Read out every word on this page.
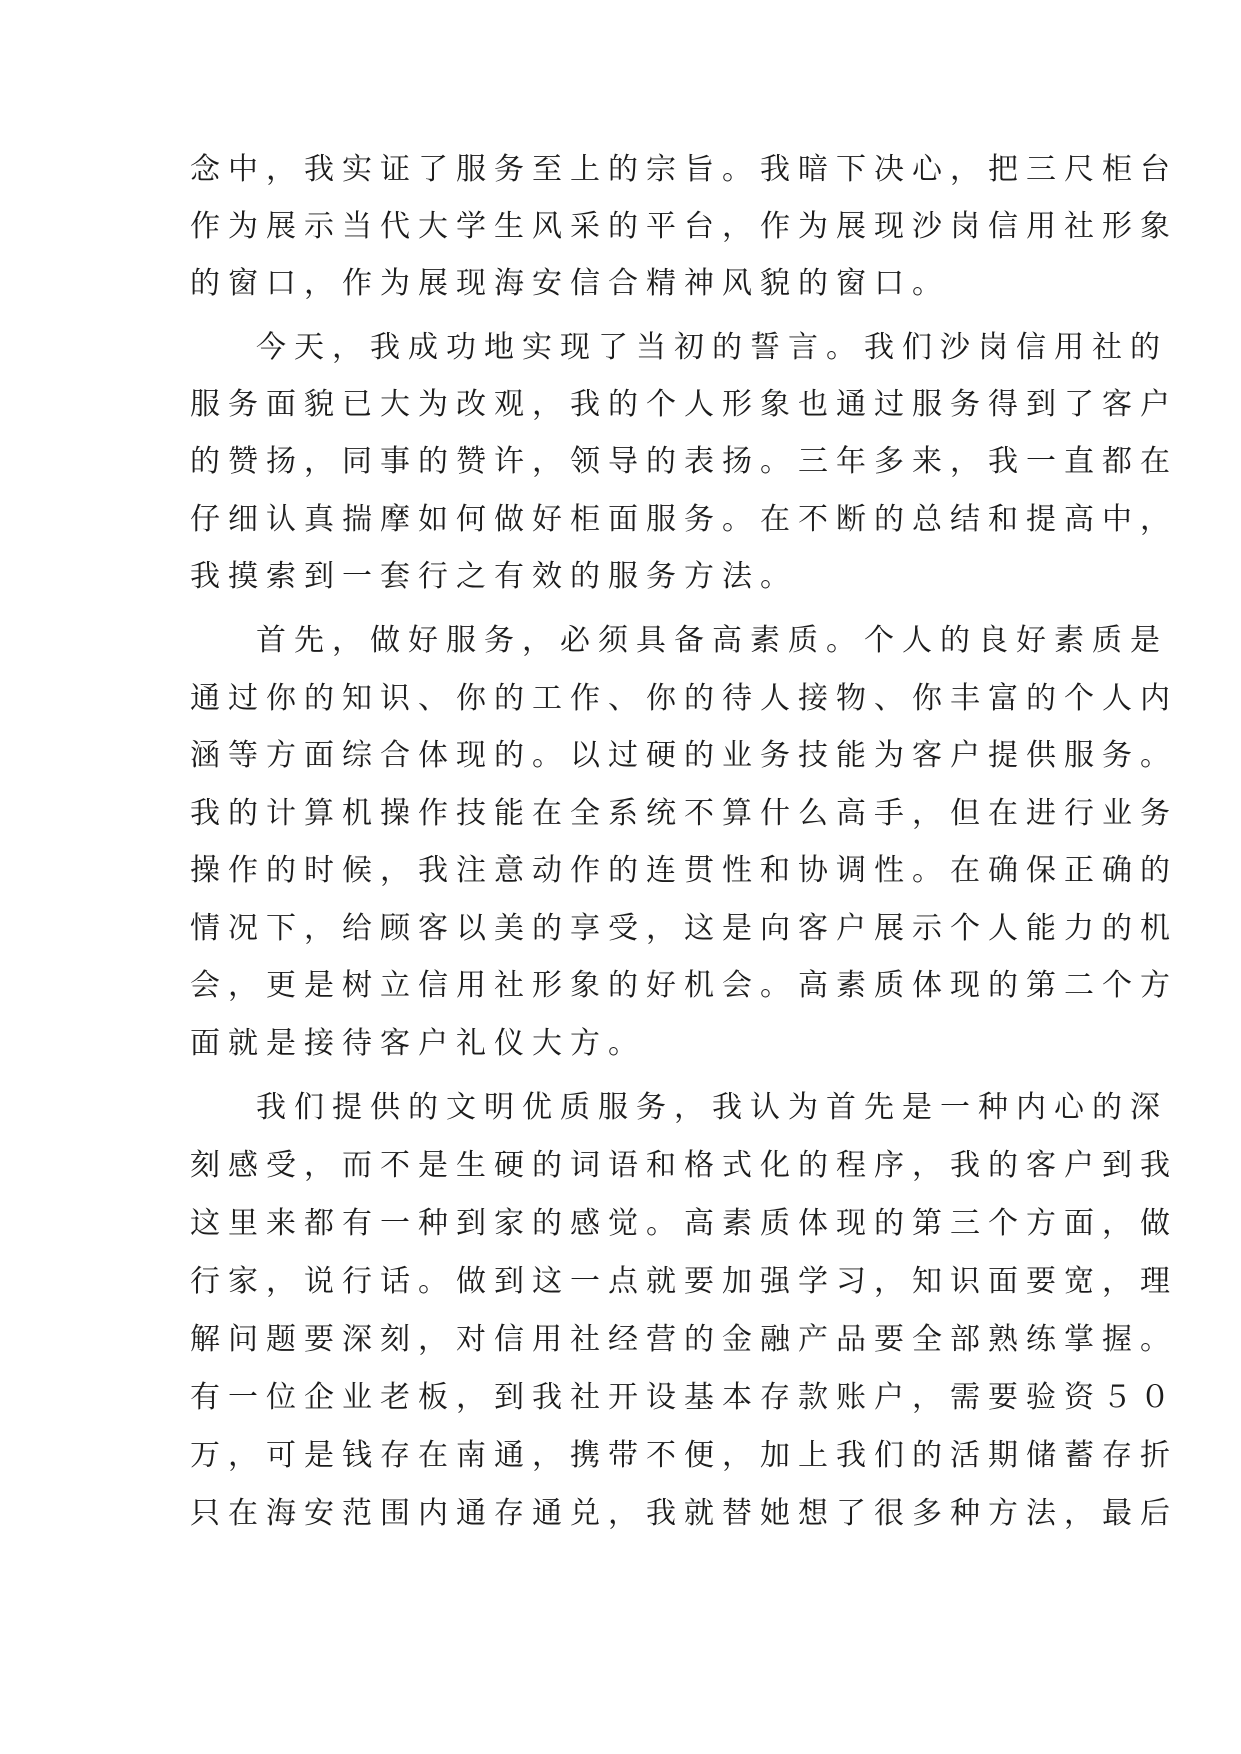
念中，我实证了服务至上的宗旨。我暗下决心，把三尺柜台
作为展示当代大学生风采的平台，作为展现沙岗信用社形象
的窗口，作为展现海安信合精神风貌的窗口。
今天，我成功地实现了当初的誓言。我们沙岗信用社的
服务面貌已大为改观，我的个人形象也通过服务得到了客户
的赞扬，同事的赞许，领导的表扬。三年多来，我一直都在
仔细认真揣摩如何做好柜面服务。在不断的总结和提高中，
我摸索到一套行之有效的服务方法。
首先，做好服务，必须具备高素质。个人的良好素质是
通过你的知识、你的工作、你的待人接物、你丰富的个人内
涵等方面综合体现的。以过硬的业务技能为客户提供服务。
我的计算机操作技能在全系统不算什么高手，但在进行业务
操作的时候，我注意动作的连贯性和协调性。在确保正确的
情况下，给顾客以美的享受，这是向客户展示个人能力的机
会，更是树立信用社形象的好机会。高素质体现的第二个方
面就是接待客户礼仪大方。
我们提供的文明优质服务，我认为首先是一种内心的深
刻感受，而不是生硬的词语和格式化的程序，我的客户到我
这里来都有一种到家的感觉。高素质体现的第三个方面，做
行家，说行话。做到这一点就要加强学习，知识面要宽，理
解问题要深刻，对信用社经营的金融产品要全部熟练掌握。
有一位企业老板，到我社开设基本存款账户，需要验资５０
万，可是钱存在南通，携带不便，加上我们的活期储蓄存折
只在海安范围内通存通兑，我就替她想了很多种方法，最后
